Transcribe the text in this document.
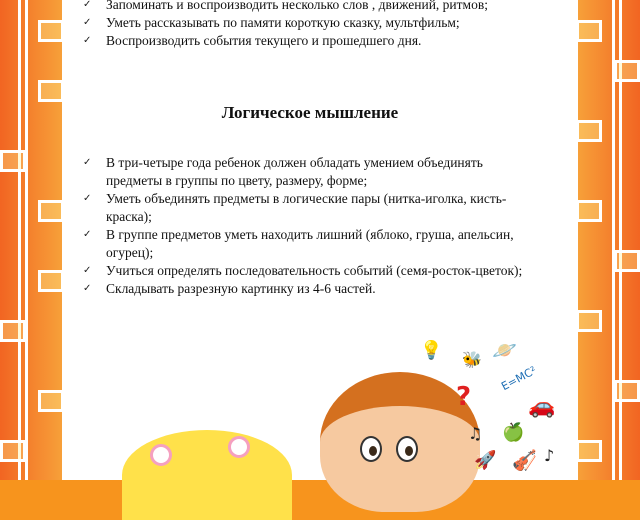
✓ Запоминать и воспроизводить несколько слов , движений, ритмов;
✓ Уметь рассказывать по памяти короткую сказку, мультфильм;
✓ Воспроизводить события текущего и прошедшего дня.
Логическое мышление
✓ В три-четыре года ребенок должен обладать умением объединять предметы в группы по цвету, размеру, форме;
✓ Уметь объединять предметы в логические пары (нитка-иголка, кисть-краска);
✓ В группе предметов уметь находить лишний (яблоко, груша, апельсин, огурец);
✓ Учиться определять последовательность событий (семя-росток-цветок);
✓ Складывать разрезную картинку из 4-6 частей.
E=MC²
💡 🐝 🪐
?	🚗
♫ 🍏
🚀 🎻 ♪
